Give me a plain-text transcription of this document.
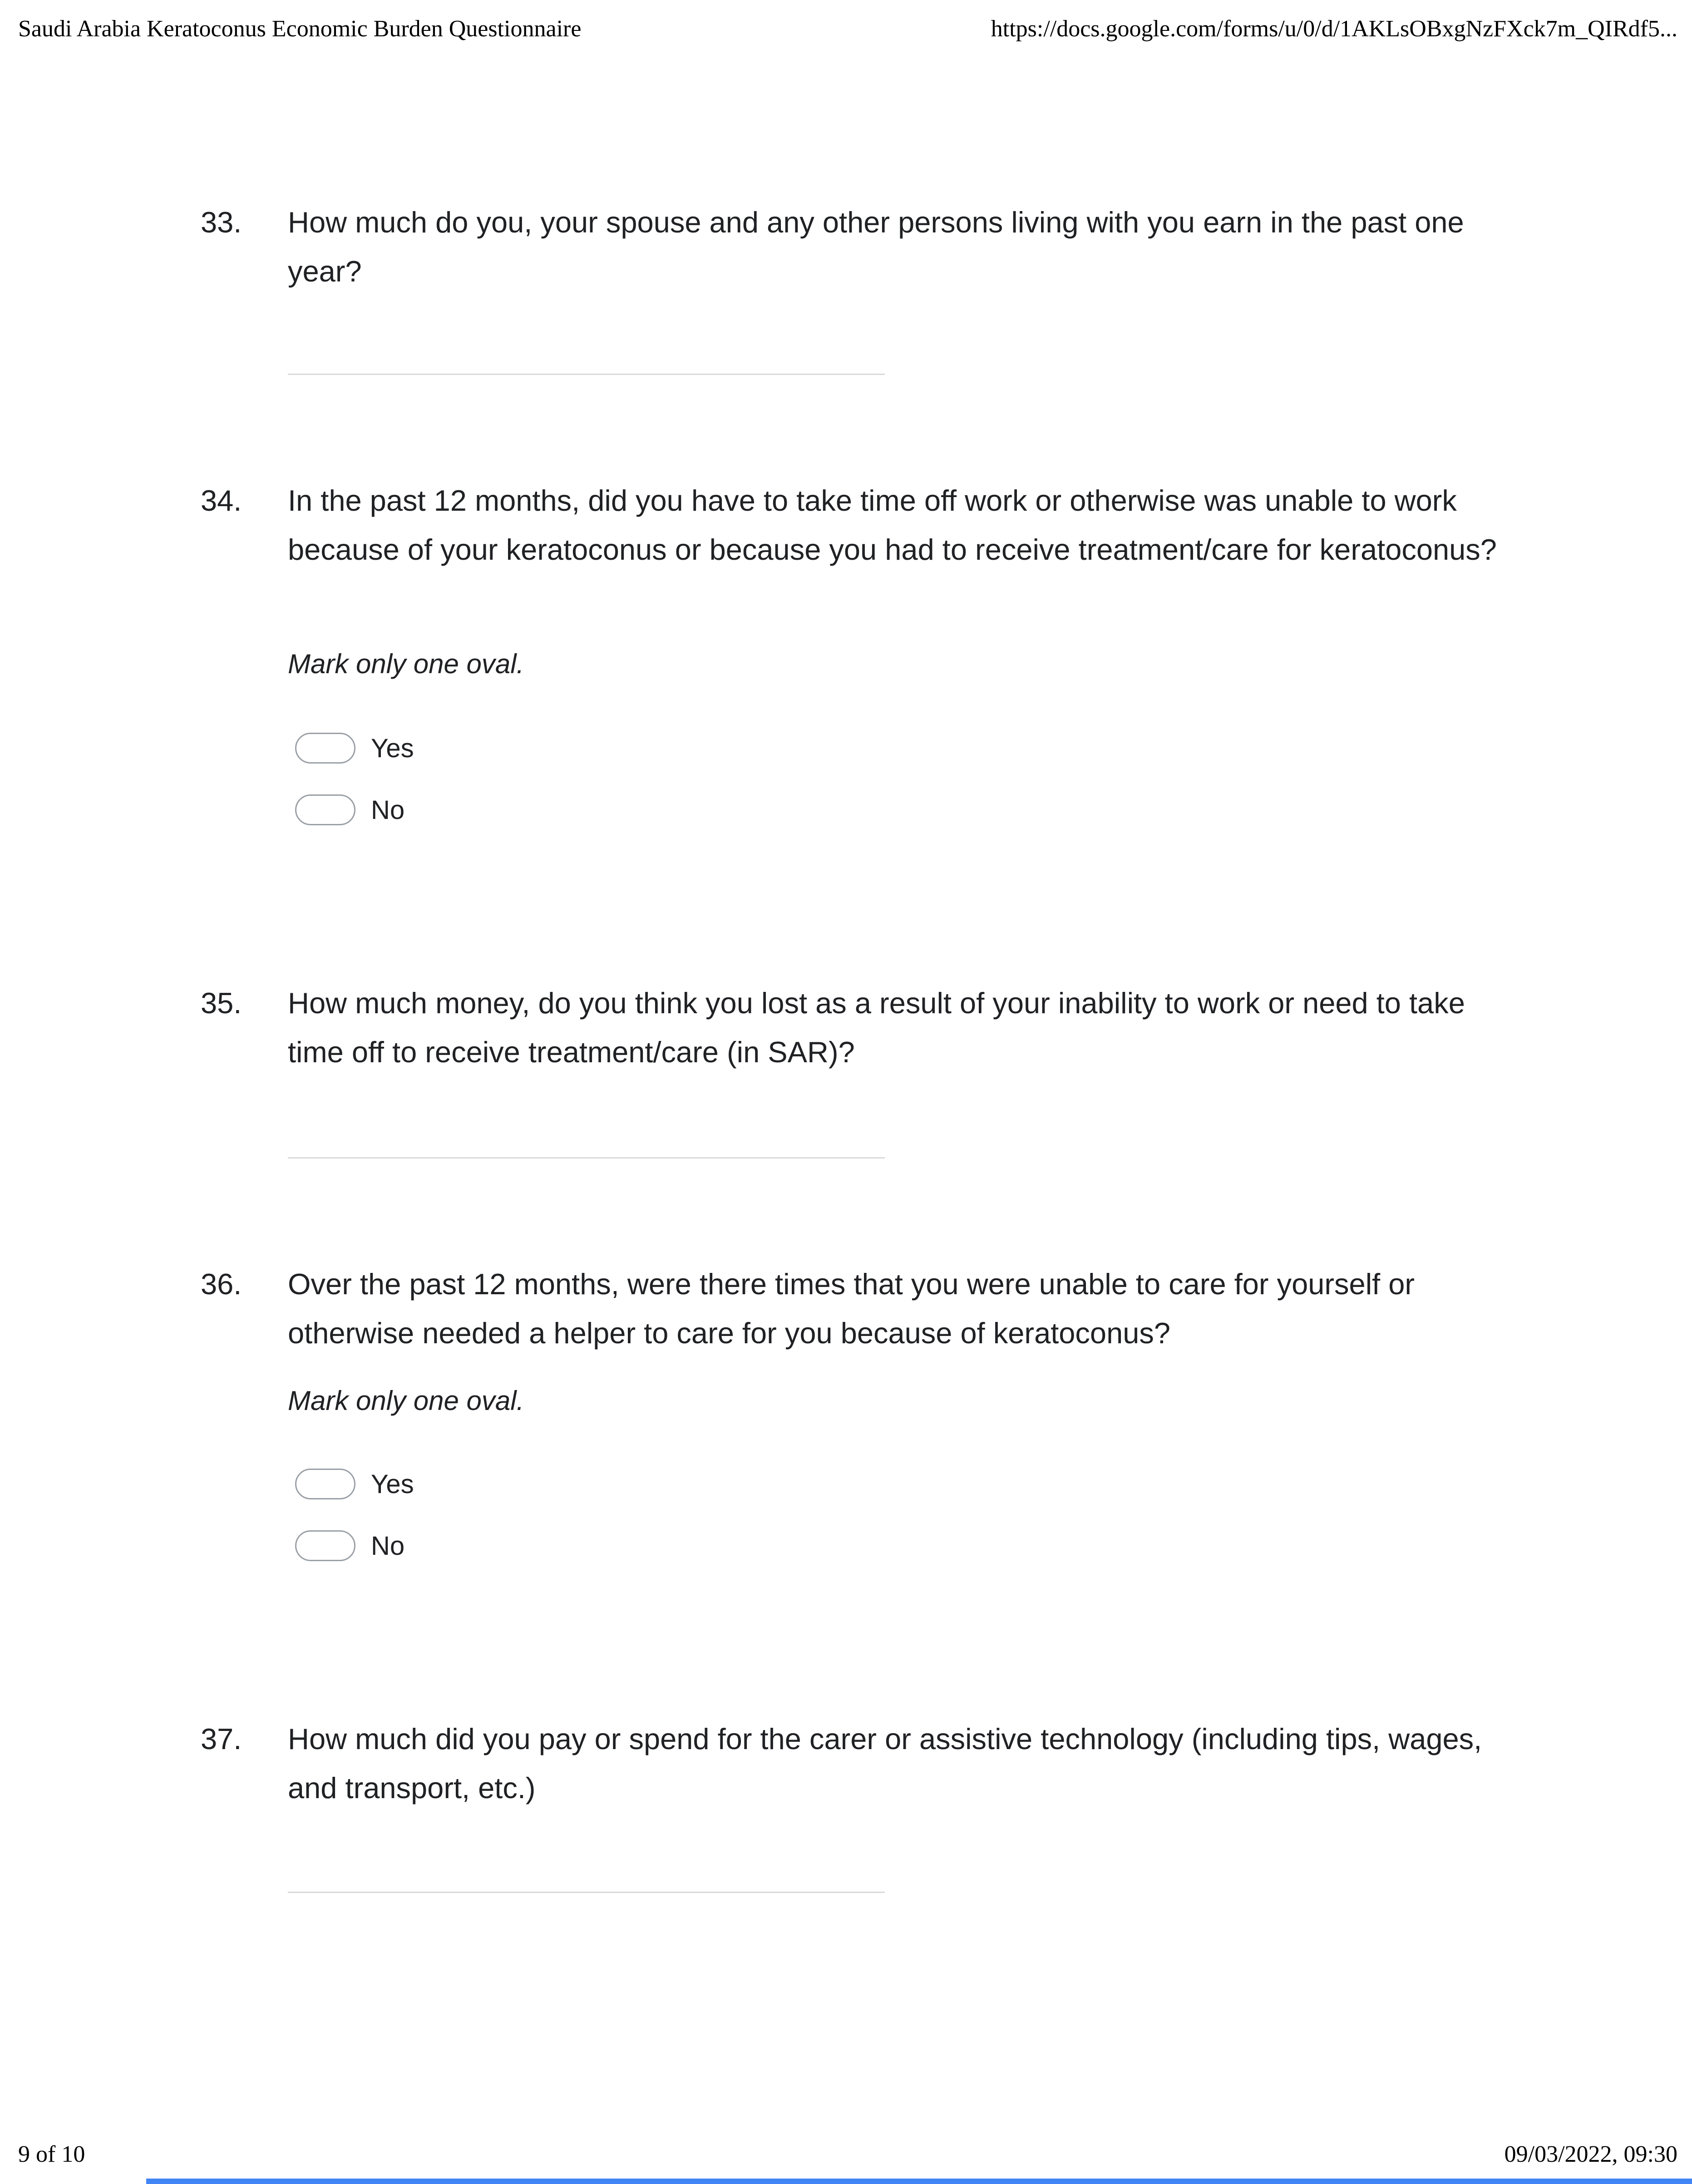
Saudi Arabia Keratoconus Economic Burden Questionnaire	https://docs.google.com/forms/u/0/d/1AKLsOBxgNzFXck7m_QIRdf5...
33.	How much do you, your spouse and any other persons living with you earn in the past one year?
34.	In the past 12 months, did you have to take time off work or otherwise was unable to work because of your keratoconus or because you had to receive treatment/care for keratoconus?
Mark only one oval.
Yes
No
35.	How much money, do you think you lost as a result of your inability to work or need to take time off to receive treatment/care (in SAR)?
36.	Over the past 12 months, were there times that you were unable to care for yourself or otherwise needed a helper to care for you because of keratoconus?
Mark only one oval.
Yes
No
37.	How much did you pay or spend for the carer or assistive technology (including tips, wages, and transport, etc.)
9 of 10	09/03/2022, 09:30
